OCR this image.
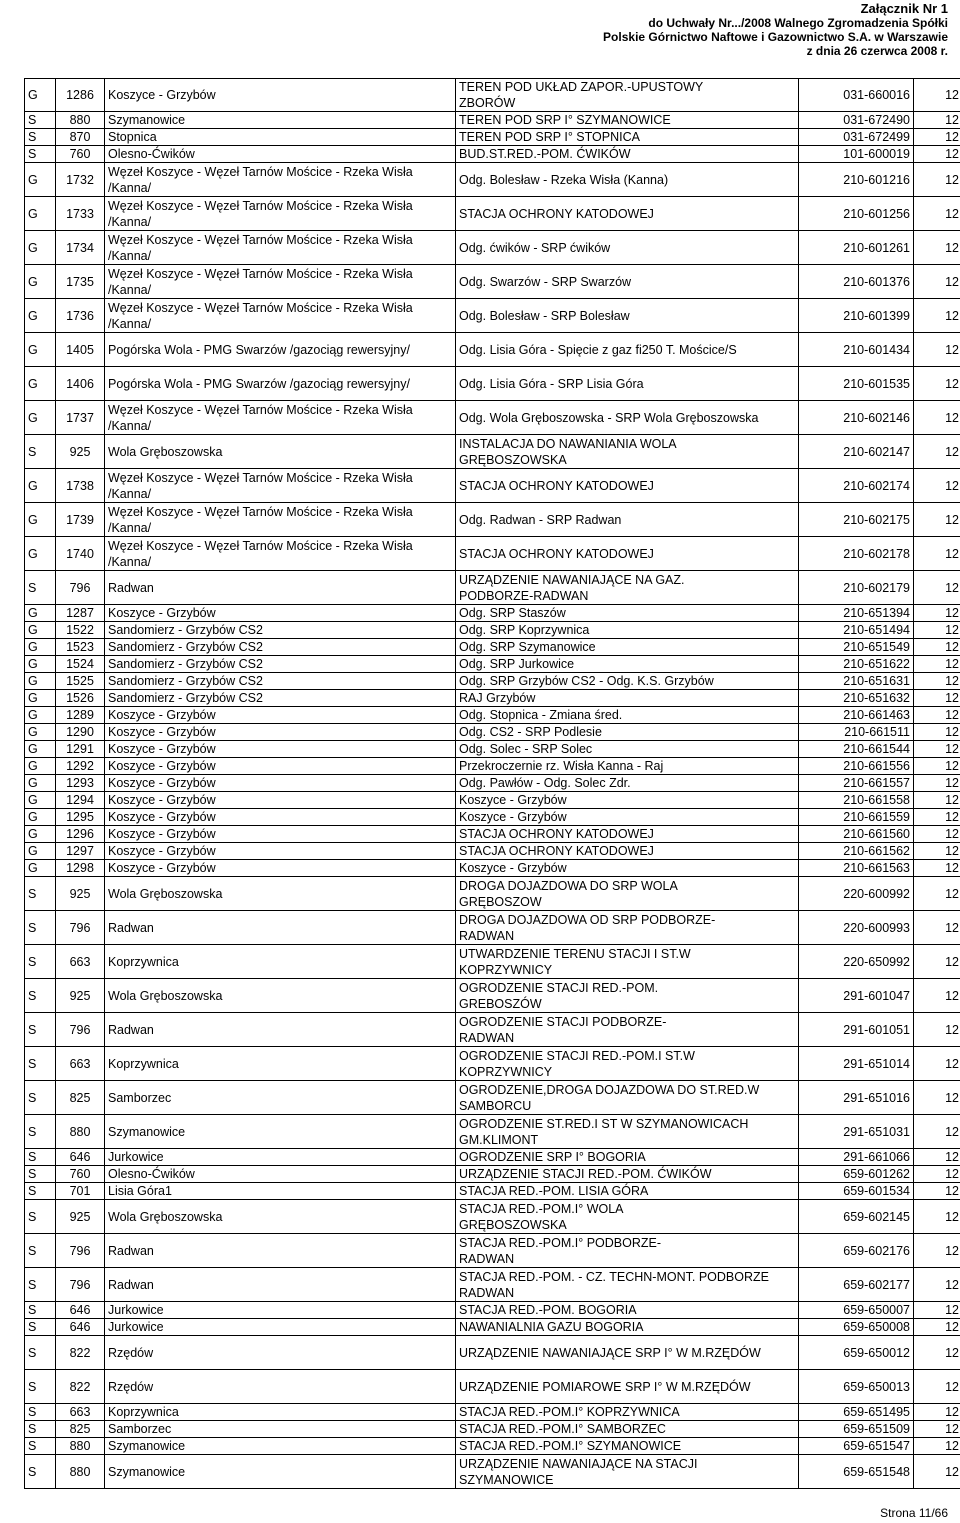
Załącznik Nr 1
do Uchwały Nr.../2008 Walnego Zgromadzenia Spółki
Polskie Górnictwo Naftowe i Gazownictwo S.A. w Warszawie
z dnia 26 czerwca 2008 r.
G	1286	Koszyce - Grzybów	TEREN POD UKŁAD ZAPOR.-UPUSTOWY
ZBORÓW	031-660016	12
S	880	Szymanowice	TEREN POD SRP I° SZYMANOWICE	031-672490	12
S	870	Stopnica	TEREN POD SRP I° STOPNICA	031-672499	12
S	760	Olesno-Ćwików	BUD.ST.RED.-POM. ĆWIKÓW	101-600019	12
G	1732	Węzeł Koszyce - Węzeł Tarnów Mościce - Rzeka Wisła
/Kanna/	Odg. Bolesław - Rzeka Wisła (Kanna)	210-601216	12
G	1733	Węzeł Koszyce - Węzeł Tarnów Mościce - Rzeka Wisła
/Kanna/	STACJA OCHRONY KATODOWEJ	210-601256	12
G	1734	Węzeł Koszyce - Węzeł Tarnów Mościce - Rzeka Wisła
/Kanna/	Odg. ćwików - SRP ćwików	210-601261	12
G	1735	Węzeł Koszyce - Węzeł Tarnów Mościce - Rzeka Wisła
/Kanna/	Odg. Swarzów - SRP Swarzów	210-601376	12
G	1736	Węzeł Koszyce - Węzeł Tarnów Mościce - Rzeka Wisła
/Kanna/	Odg. Bolesław - SRP Bolesław	210-601399	12
G	1405	Pogórska Wola - PMG Swarzów /gazociąg rewersyjny/	Odg. Lisia Góra - Spięcie z gaz fi250 T. Mościce/S	210-601434	12
G	1406	Pogórska Wola - PMG Swarzów /gazociąg rewersyjny/	Odg. Lisia Góra - SRP Lisia Góra	210-601535	12
G	1737	Węzeł Koszyce - Węzeł Tarnów Mościce - Rzeka Wisła
/Kanna/	Odg. Wola Gręboszowska - SRP Wola Gręboszowska	210-602146	12
S	925	Wola Gręboszowska	INSTALACJA DO NAWANIANIA WOLA
GRĘBOSZOWSKA	210-602147	12
G	1738	Węzeł Koszyce - Węzeł Tarnów Mościce - Rzeka Wisła
/Kanna/	STACJA OCHRONY KATODOWEJ	210-602174	12
G	1739	Węzeł Koszyce - Węzeł Tarnów Mościce - Rzeka Wisła
/Kanna/	Odg. Radwan - SRP Radwan	210-602175	12
G	1740	Węzeł Koszyce - Węzeł Tarnów Mościce - Rzeka Wisła
/Kanna/	STACJA OCHRONY KATODOWEJ	210-602178	12
S	796	Radwan	URZĄDZENIE NAWANIAJĄCE NA GAZ.
PODBORZE-RADWAN	210-602179	12
G	1287	Koszyce - Grzybów	Odg. SRP Staszów	210-651394	12
G	1522	Sandomierz - Grzybów CS2	Odg. SRP Koprzywnica	210-651494	12
G	1523	Sandomierz - Grzybów CS2	Odg. SRP Szymanowice	210-651549	12
G	1524	Sandomierz - Grzybów CS2	Odg. SRP Jurkowice	210-651622	12
G	1525	Sandomierz - Grzybów CS2	Odg. SRP Grzybów CS2 - Odg. K.S. Grzybów	210-651631	12
G	1526	Sandomierz - Grzybów CS2	RAJ Grzybów	210-651632	12
G	1289	Koszyce - Grzybów	Odg. Stopnica - Zmiana śred.	210-661463	12
G	1290	Koszyce - Grzybów	Odg. CS2 - SRP Podlesie	210-661511	12
G	1291	Koszyce - Grzybów	Odg. Solec - SRP Solec	210-661544	12
G	1292	Koszyce - Grzybów	Przekroczernie rz. Wisła Kanna - Raj	210-661556	12
G	1293	Koszyce - Grzybów	Odg. Pawłów - Odg. Solec Zdr.	210-661557	12
G	1294	Koszyce - Grzybów	Koszyce - Grzybów	210-661558	12
G	1295	Koszyce - Grzybów	Koszyce - Grzybów	210-661559	12
G	1296	Koszyce - Grzybów	STACJA OCHRONY KATODOWEJ	210-661560	12
G	1297	Koszyce - Grzybów	STACJA OCHRONY KATODOWEJ	210-661562	12
G	1298	Koszyce - Grzybów	Koszyce - Grzybów	210-661563	12
S	925	Wola Gręboszowska	DROGA DOJAZDOWA DO SRP WOLA
GRĘBOSZOW	220-600992	12
S	796	Radwan	DROGA DOJAZDOWA OD SRP PODBORZE-
RADWAN	220-600993	12
S	663	Koprzywnica	UTWARDZENIE TERENU STACJI I ST.W
KOPRZYWNICY	220-650992	12
S	925	Wola Gręboszowska	OGRODZENIE STACJI RED.-POM.
GREBOSZÓW	291-601047	12
S	796	Radwan	OGRODZENIE STACJI PODBORZE-
RADWAN	291-601051	12
S	663	Koprzywnica	OGRODZENIE STACJI RED.-POM.I ST.W
KOPRZYWNICY	291-651014	12
S	825	Samborzec	OGRODZENIE,DROGA DOJAZDOWA DO ST.RED.W
SAMBORCU	291-651016	12
S	880	Szymanowice	OGRODZENIE ST.RED.I ST W SZYMANOWICACH
GM.KLIMONT	291-651031	12
S	646	Jurkowice	OGRODZENIE SRP I° BOGORIA	291-661066	12
S	760	Olesno-Ćwików	URZĄDZENIE STACJI RED.-POM. ĆWIKÓW	659-601262	12
S	701	Lisia Góra1	STACJA RED.-POM. LISIA GÓRA	659-601534	12
S	925	Wola Gręboszowska	STACJA RED.-POM.I° WOLA
GRĘBOSZOWSKA	659-602145	12
S	796	Radwan	STACJA RED.-POM.I° PODBORZE-
RADWAN	659-602176	12
S	796	Radwan	STACJA RED.-POM. - CZ. TECHN-MONT. PODBORZE
RADWAN	659-602177	12
S	646	Jurkowice	STACJA RED.-POM. BOGORIA	659-650007	12
S	646	Jurkowice	NAWANIALNIA GAZU BOGORIA	659-650008	12
S	822	Rzędów	URZĄDZENIE NAWANIAJĄCE SRP I° W M.RZĘDÓW	659-650012	12
S	822	Rzędów	URZĄDZENIE POMIAROWE SRP I° W M.RZĘDÓW	659-650013	12
S	663	Koprzywnica	STACJA RED.-POM.I° KOPRZYWNICA	659-651495	12
S	825	Samborzec	STACJA RED.-POM.I° SAMBORZEC	659-651509	12
S	880	Szymanowice	STACJA RED.-POM.I° SZYMANOWICE	659-651547	12
S	880	Szymanowice	URZĄDZENIE NAWANIAJĄCE NA STACJI
SZYMANOWICE	659-651548	12
Strona 11/66
